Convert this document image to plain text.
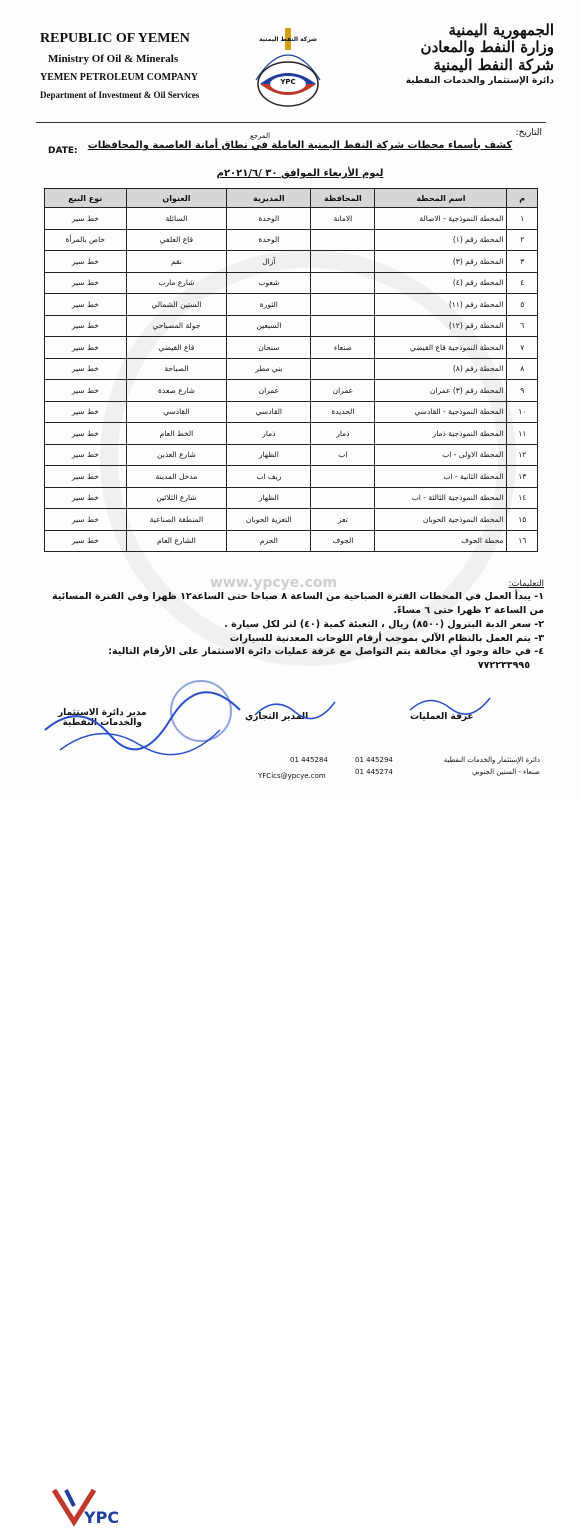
www.ypcye.com
REPUBLIC OF YEMEN
Ministry Of Oil & Minerals
YEMEN PETROLEUM COMPANY
Department of Investment & Oil Services
YPC
شركة النفط اليمنية
الجمهورية اليمنية
وزارة النفط والمعادن
شركة النفط اليمنية
دائرة الإستثمار والخدمات النفطية
التاريخ:
DATE:
المرجع
كشف بأسماء محطات شركة النفط اليمنية العاملة في نطاق أمانة العاصمة والمحافظات
ليوم الأربعاء الموافق ٣٠ /٢٠٢١/٦م
م	اسم المحطة	المحافظة	المديرية	العنوان	نوع البيع
١	المحطة النموذجية - الاصالة	الامانة	الوحدة	السائلة	خط سير
٢	المحطة رقم (١)		الوحدة	قاع العلفي	خاص بالمرأة
٣	المحطة رقم (٣)		آزال	نقم	خط سير
٤	المحطة رقم (٤)		شعوب	شارع مارب	خط سير
٥	المحطة رقم (١١)		الثورة	الستين الشمالي	خط سير
٦	المحطة رقم (١٢)		السبعين	جولة المصباحي	خط سير
٧	المحطة النموذجية قاع القيضي	صنعاء	سنحان	قاع القيضي	خط سير
٨	المحطة رقم (٨)		بني مطر	الصباحة	خط سير
٩	المحطة رقم (٣) عمران	عمران	عمران	شارع صعدة	خط سير
١٠	المحطة النموذجية - القادسي	الحديدة	القادسي	القادسي	خط سير
١١	المحطة النموذجية ذمار	ذمار	ذمار	الخط العام	خط سير
١٢	المحطة الاولى - اب	اب	الظهار	شارع العدين	خط سير
١٣	المحطة الثانية - اب		ريف اب	مدخل المدينة	خط سير
١٤	المحطة النموذجية الثالثة - اب		الظهار	شارع الثلاثين	خط سير
١٥	المحطة النموذجية الحوبان	تعز	التعزية الحوبان	المنطقة الصناعية	خط سير
١٦	محطة الجوف	الجوف	الحزم	الشارع العام	خط سير
التعليمات:
١- يبدأ العمل في المحطات الفترة الصباحية من الساعة ٨ صباحا حتى الساعة١٢ ظهرا وفي الفترة المسائية من الساعة ٢ ظهرا حتى ٦ مساءً.
٢- سعر الدبة البترول (٨٥٠٠) ريال ، التعبئة كمية (٤٠) لتر لكل سيارة .
٣- يتم العمل بالنظام الآلي بموجب أرقام اللوحات المعدنية للسيارات
٤- في حالة وجود أي مخالفة يتم التواصل مع غرفة عمليات دائرة الاستثمار على الأرقام التالية:
٧٧٢٢٣٣٩٩٥
مدير دائرة الاستثمار
والخدمات النفطية
المدير التجاري	غرفة العمليات
YPC
01 445284	01 445294
01 445274
YFCics@ypcye.com
دائرة الإستثمار والخدمات النفطية
صنعاء - الستين الجنوبي
